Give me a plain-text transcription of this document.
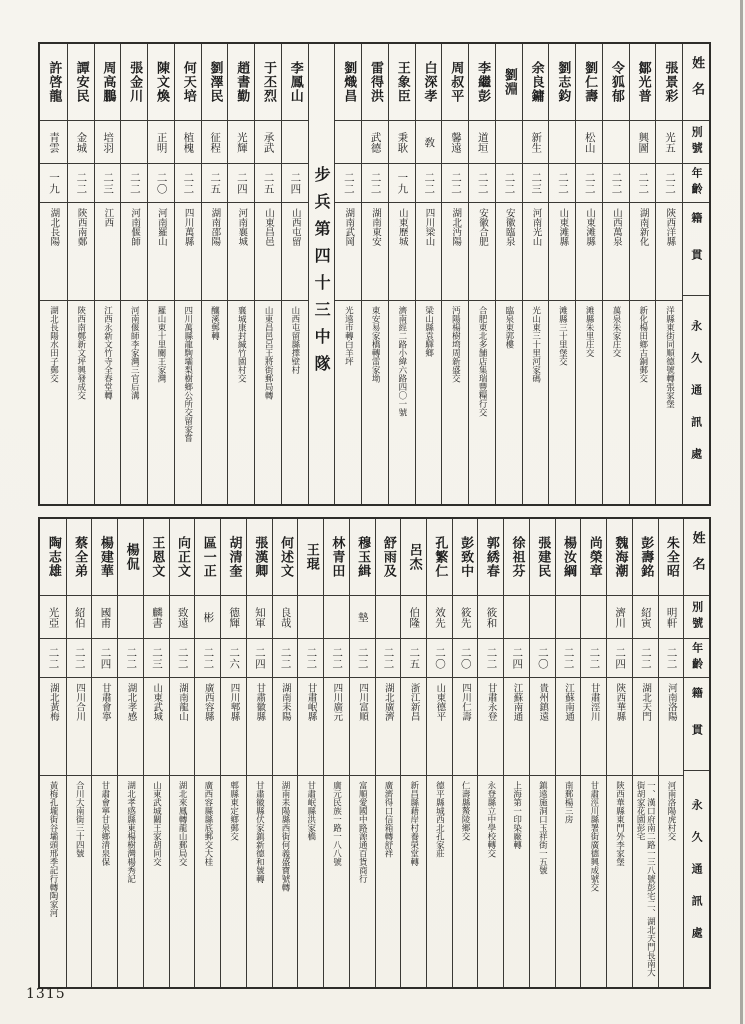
姓名
別號
年齡
籍貫
永久通訊處
張景彩
光五
二二
陝西洋縣
洋縣東街同順德號轉張家堡
鄒光普
興圖
二二
湖南新化
新化楊田鄉古銅郵交
令狐郁
二二
山西萬泉
萬泉朱家庄交
劉仁壽
松山
二二
山東滩縣
滩縣朱里庄交
劉志鈞
二二
山東滩縣
滩縣三十里堡交
余良鏞
新生
二三
河南光山
光山東三十里河家碼
劉淵
二二
安徽臨泉
臨泉東郭樓
李繼彭
道垣
二二
安徽合肥
合肥東北多舗店集瑞豐糧行交
周叔平
馨遠
二二
湖北沔陽
沔陽楊樹塆周新盛交
白深孝
敎
二二
四川梁山
梁山縣袁驛鄉
王象臣
秉耿
一九
山東歷城
濟南經二路小緯六路四〇一號
雷得洪
武德
二二
湖南東安
東安易家橋轉雷家坳
劉熾昌
二二
湖南武岡
光遠市轉白羊坪
步兵第四十三中隊
李鳳山
二四
山西屯留
山西屯留縣擇壁村
于丕烈
承武
二五
山東昌邑
山東昌邑呂王將街郵局轉
趙書勤
光輝
二四
河南襄城
襄城康封緘竹園村交
劉澤民
征程
二五
湖南邵陽
釀溪郵轉
何天培
植槐
二二
四川萬縣
四川萬縣龍駒壩梨樹鄉公所交留家嘗
陳文煥
正明
二〇
河南羅山
羅山東十里關王家灣
張金川
二二
河南偃師
河南偃師李家灣三官后溝
周高鵬
培羽
二三
江西
江西永新文竹寺全春堂轉
譚安民
金城
二二
陝西南鄭
陝西南鄭新文坪興發成交
許啓龍
青雲
一九
湖北長陽
湖北長陽水田子郵交
姓名
別號
年齡
籍貫
永久通訊處
朱全昭
明軒
二二
河南洛陽
河南洛陽虎村交
彭壽銘
紹寅
二二
湖北天門
一、漢口府南二路一三八號彭宅二、湖北天門長南大街胡家花園彭宅
魏海潮
濟川
二四
陝西華縣
陝西華縣東門外李家堡
尚榮章
二二
甘肅涇川
甘肅涇川縣署街廣德興成號交
楊汝綱
二二
江蘇南通
南郵楊三房
張建民
二〇
貴州鎮遠
鎮遠施洞口玉祥街一五號
徐祖芬
二四
江蘇南通
上海第一印染廠轉
郭綉春
筱和
二二
甘肅永登
永登縣立中學校轉交
彭致中
筱先
二〇
四川仁壽
仁壽縣鰲陵鄉交
孔繁仁
效先
二〇
山東德平
德平縣城西北孔家莊
呂杰
伯隆
二五
浙江新昌
新昌縣藉岸村養榮堂轉
舒雨及
二二
湖北廣濟
廣濟得口信箱轉舒祥
穆玉緝
墊
二二
四川富順
富順愛國中路源通百貨商行
林青田
二二
四川廣元
廣元民族一路一八八號
王琨
二二
甘肅岷縣
甘肅岷縣洪家橋
何述文
良哉
二二
湖南耒陽
湖南耒陽縣西街何義盛寶號轉
張漢卿
知軍
二四
甘肅徽縣
甘肅徽縣伏家鎮新德和號轉
胡清奎
德輝
二六
四川郫縣
郫縣東定鄉郵交
區一正
彬
二二
廣西容縣
廣西容縣縣底郵交大桂
向正文
致遠
二二
湖南龍山
湖北來鳳轉龍山郵局交
王恩文
麟書
二三
山東武城
山東武城關王家胡同交
楊侃
二二
湖北孝感
湖北孝感縣東楊樹灣楊秀記
楊建華
國甫
二四
甘肅會寧
甘肅會寧甘泉鄉清泉保
蔡全弟
紹伯
二二
四川合川
合川大南街三十四號
陶志雄
光亞
二二
湖北黃梅
黃梅孔壠街谷壩頭邢季記行轉陶家河
1315
